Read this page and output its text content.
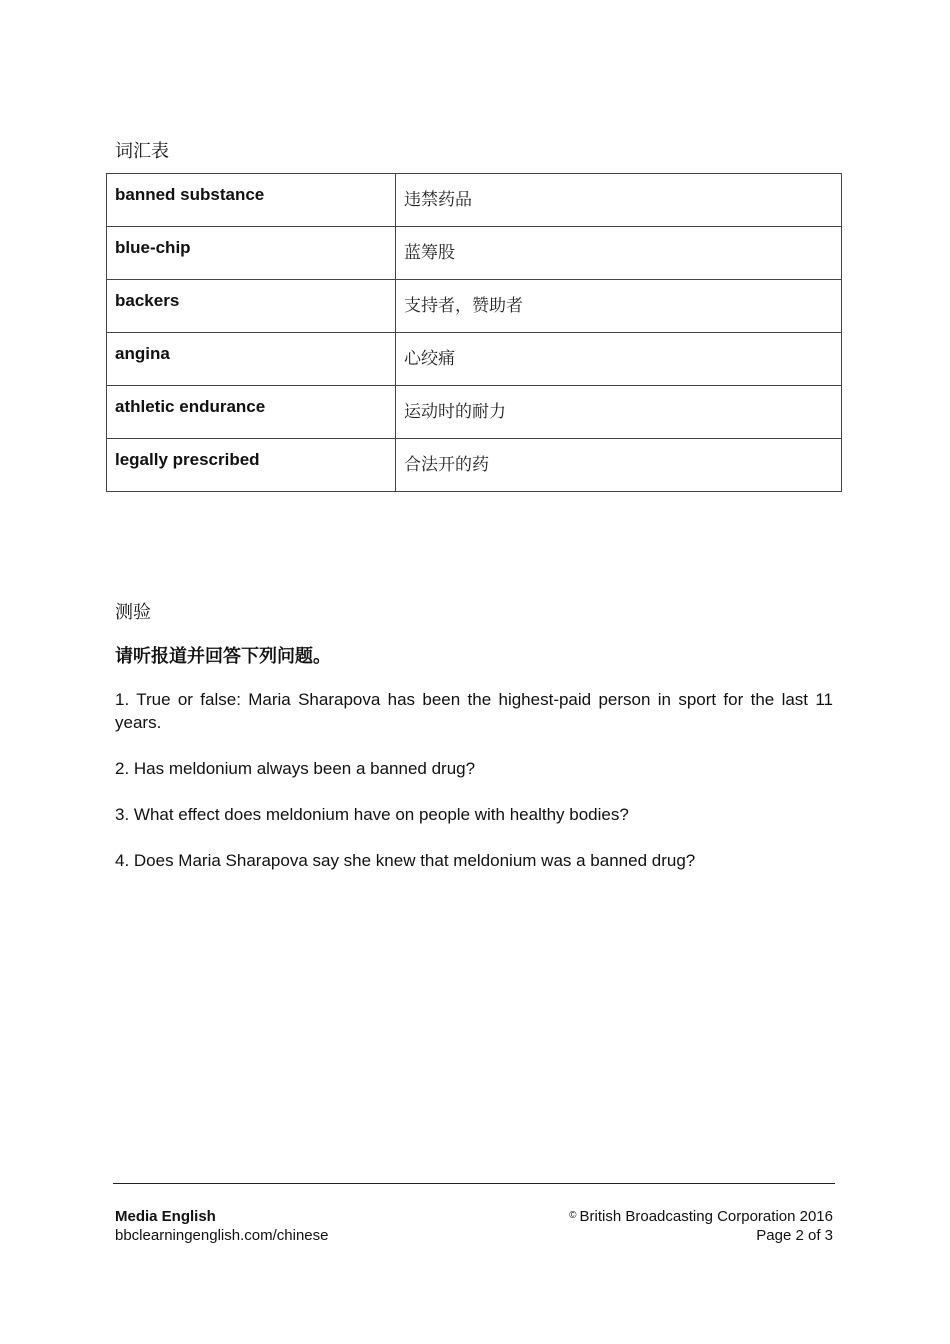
词汇表
banned substance	违禁药品
blue-chip	蓝筹股
backers	支持者，赞助者
angina	心绞痛
athletic endurance	运动时的耐力
legally prescribed	合法开的药
测验

请听报道并回答下列问题。

1. True or false: Maria Sharapova has been the highest-paid person in sport for the last 11 years.
2. Has meldonium always been a banned drug?
3. What effect does meldonium have on people with healthy bodies?
4. Does Maria Sharapova say she knew that meldonium was a banned drug?
Media English
bbclearningenglish.com/chinese
© British Broadcasting Corporation 2016
Page 2 of 3
